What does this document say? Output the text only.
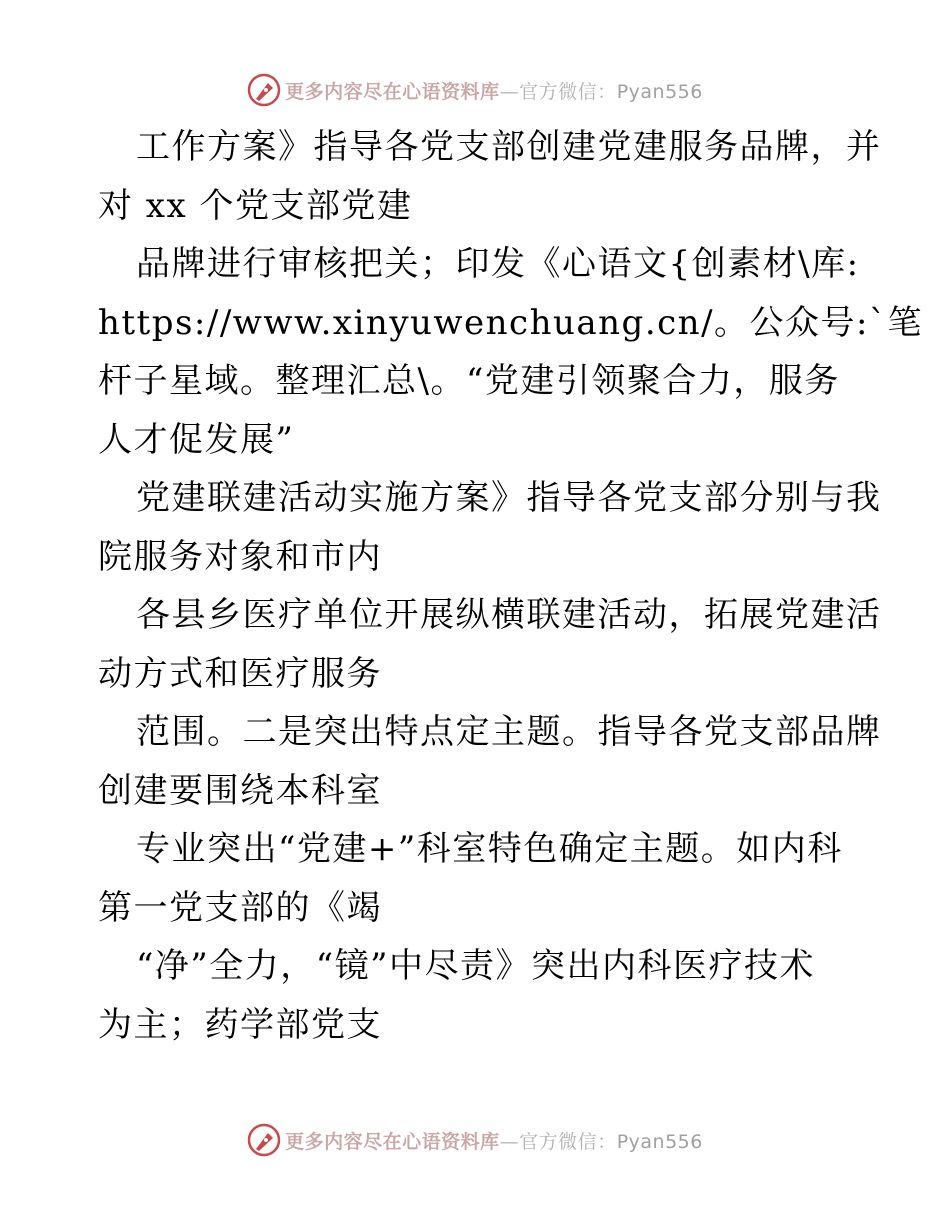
更多内容尽在心语资料库—官方微信：Pyan556
工作方案》指导各党支部创建党建服务品牌，并
对 xx 个党支部党建
品牌进行审核把关；印发《心语文{创素材\库:
https://www.xinyuwenchuang.cn/。公众号:`笔
杆子星域。整理汇总\。“党建引领聚合力，服务
人才促发展”
党建联建活动实施方案》指导各党支部分别与我
院服务对象和市内
各县乡医疗单位开展纵横联建活动，拓展党建活
动方式和医疗服务
范围。二是突出特点定主题。指导各党支部品牌
创建要围绕本科室
专业突出“党建+”科室特色确定主题。如内科
第一党支部的《竭
“净”全力，“镜”中尽责》突出内科医疗技术
为主；药学部党支
更多内容尽在心语资料库—官方微信：Pyan556
